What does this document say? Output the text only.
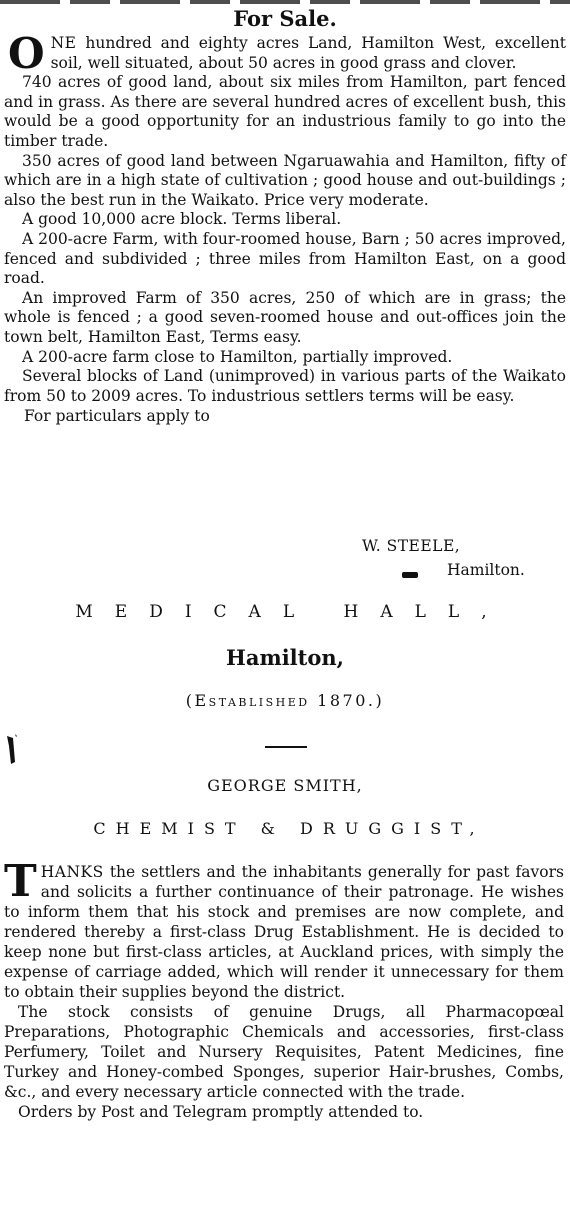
For Sale.

ONE hundred and eighty acres Land, Hamilton West, excellent soil, well situated, about 50 acres in good grass and clover.

740 acres of good land, about six miles from Hamilton, part fenced and in grass. As there are several hundred acres of excellent bush, this would be a good opportunity for an industrious family to go into the timber trade.

350 acres of good land between Ngaruawahia and Hamilton, fifty of which are in a high state of cultivation ; good house and out-buildings ; also the best run in the Waikato. Price very moderate.

A good 10,000 acre block. Terms liberal.

A 200-acre Farm, with four-roomed house, Barn ; 50 acres improved, fenced and subdivided ; three miles from Hamilton East, on a good road.

An improved Farm of 350 acres, 250 of which are in grass; the whole is fenced ; a good seven-roomed house and out-offices join the town belt, Hamilton East, Terms easy.

A 200-acre farm close to Hamilton, partially improved.

Several blocks of Land (unimproved) in various parts of the Waikato from 50 to 2009 acres. To industrious settlers terms will be easy.

For particulars apply to

W. STEELE,
Hamilton.
MEDICAL HALL,
Hamilton,
(Established 1870.)
GEORGE SMITH,
CHEMIST & DRUGGIST,

THANKS the settlers and the inhabitants generally for past favors and solicits a further continuance of their patronage. He wishes to inform them that his stock and premises are now complete, and rendered thereby a first-class Drug Establishment. He is decided to keep none but first-class articles, at Auckland prices, with simply the expense of carriage added, which will render it unnecessary for them to obtain their supplies beyond the district.

The stock consists of genuine Drugs, all Pharmacopœal Preparations, Photographic Chemicals and accessories, first-class Perfumery, Toilet and Nursery Requisites, Patent Medicines, fine Turkey and Honey-combed Sponges, superior Hair-brushes, Combs, &c., and every necessary article connected with the trade.

Orders by Post and Telegram promptly attended to.
